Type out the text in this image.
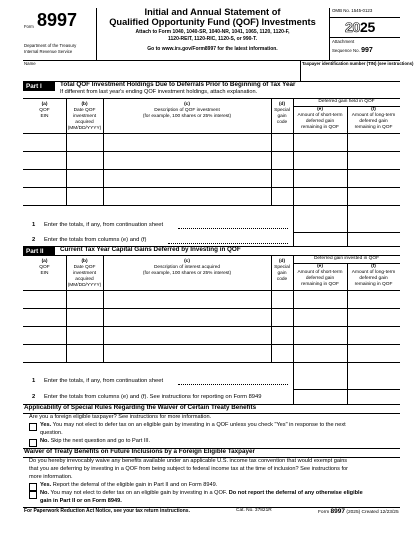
Form 8997
Department of the Treasury
Internal Revenue Service
Initial and Annual Statement of
Qualified Opportunity Fund (QOF) Investments
Attach to Form 1040, 1040-SR, 1040-NR, 1041, 1065, 1120, 1120-F,
1120-REIT, 1120-RIC, 1120-S, or 990-T.
Go to www.irs.gov/Form8997 for the latest information.
OMB No. 1545-0123
2025
Attachment
Sequence No. 997
Name	Taxpayer identification number (TIN) (see instructions)
Part I	Total QOF Investment Holdings Due to Deferrals Prior to Beginning of Tax Year
If different from last year's ending QOF investment holdings, attach explanation.
Deferred gain held in QOF
(a)
QOF
EIN
(b)
Date QOF
investment
acquired
(MM/DD/YYYY)
(c)
Description of QOF investment
(for example, 100 shares or 25% interest)
(d)
Special
gain
code
(e)
Amount of short-term
deferred gain
remaining in QOF
(f)
Amount of long-term
deferred gain
remaining in QOF
1 Enter the totals, if any, from continuation sheet
2 Enter the totals from columns (e) and (f)
Part II	Current Tax Year Capital Gains Deferred by Investing in QOF
Deferred gain invested in QOF
(a)
QOF
EIN
(b)
Date QOF
investment
acquired
(MM/DD/YYYY)
(c)
Description of interest acquired
(for example, 100 shares or 25% interest)
(d)
Special
gain
code
(e)
Amount of short-term
deferred gain
remaining in QOF
(f)
Amount of long-term
deferred gain
remaining in QOF
1 Enter the totals, if any, from continuation sheet
2 Enter the totals from columns (e) and (f). See instructions for reporting on Form 8949
Applicability of Special Rules Regarding the Waiver of Certain Treaty Benefits
Are you a foreign eligible taxpayer? See instructions for more information.
Yes. You may not elect to defer tax on an eligible gain by investing in a QOF unless you check "Yes" in response to the next
question.
No. Skip the next question and go to Part III.
Waiver of Treaty Benefits on Future Inclusions by a Foreign Eligible Taxpayer
Do you hereby irrevocably waive any benefits available under an applicable U.S. income tax convention that would exempt gains
that you are deferring by investing in a QOF from being subject to federal income tax at the time of inclusion? See instructions for
more information.
Yes. Report the deferral of the eligible gain in Part II and on Form 8949.
No. You may not elect to defer tax on an eligible gain by investing in a QOF. Do not report the deferral of any otherwise eligible
gain in Part II or on Form 8949.
For Paperwork Reduction Act Notice, see your tax return instructions.	Cat. No. 37821R	Form 8997 (2025) Created 12/23/25
